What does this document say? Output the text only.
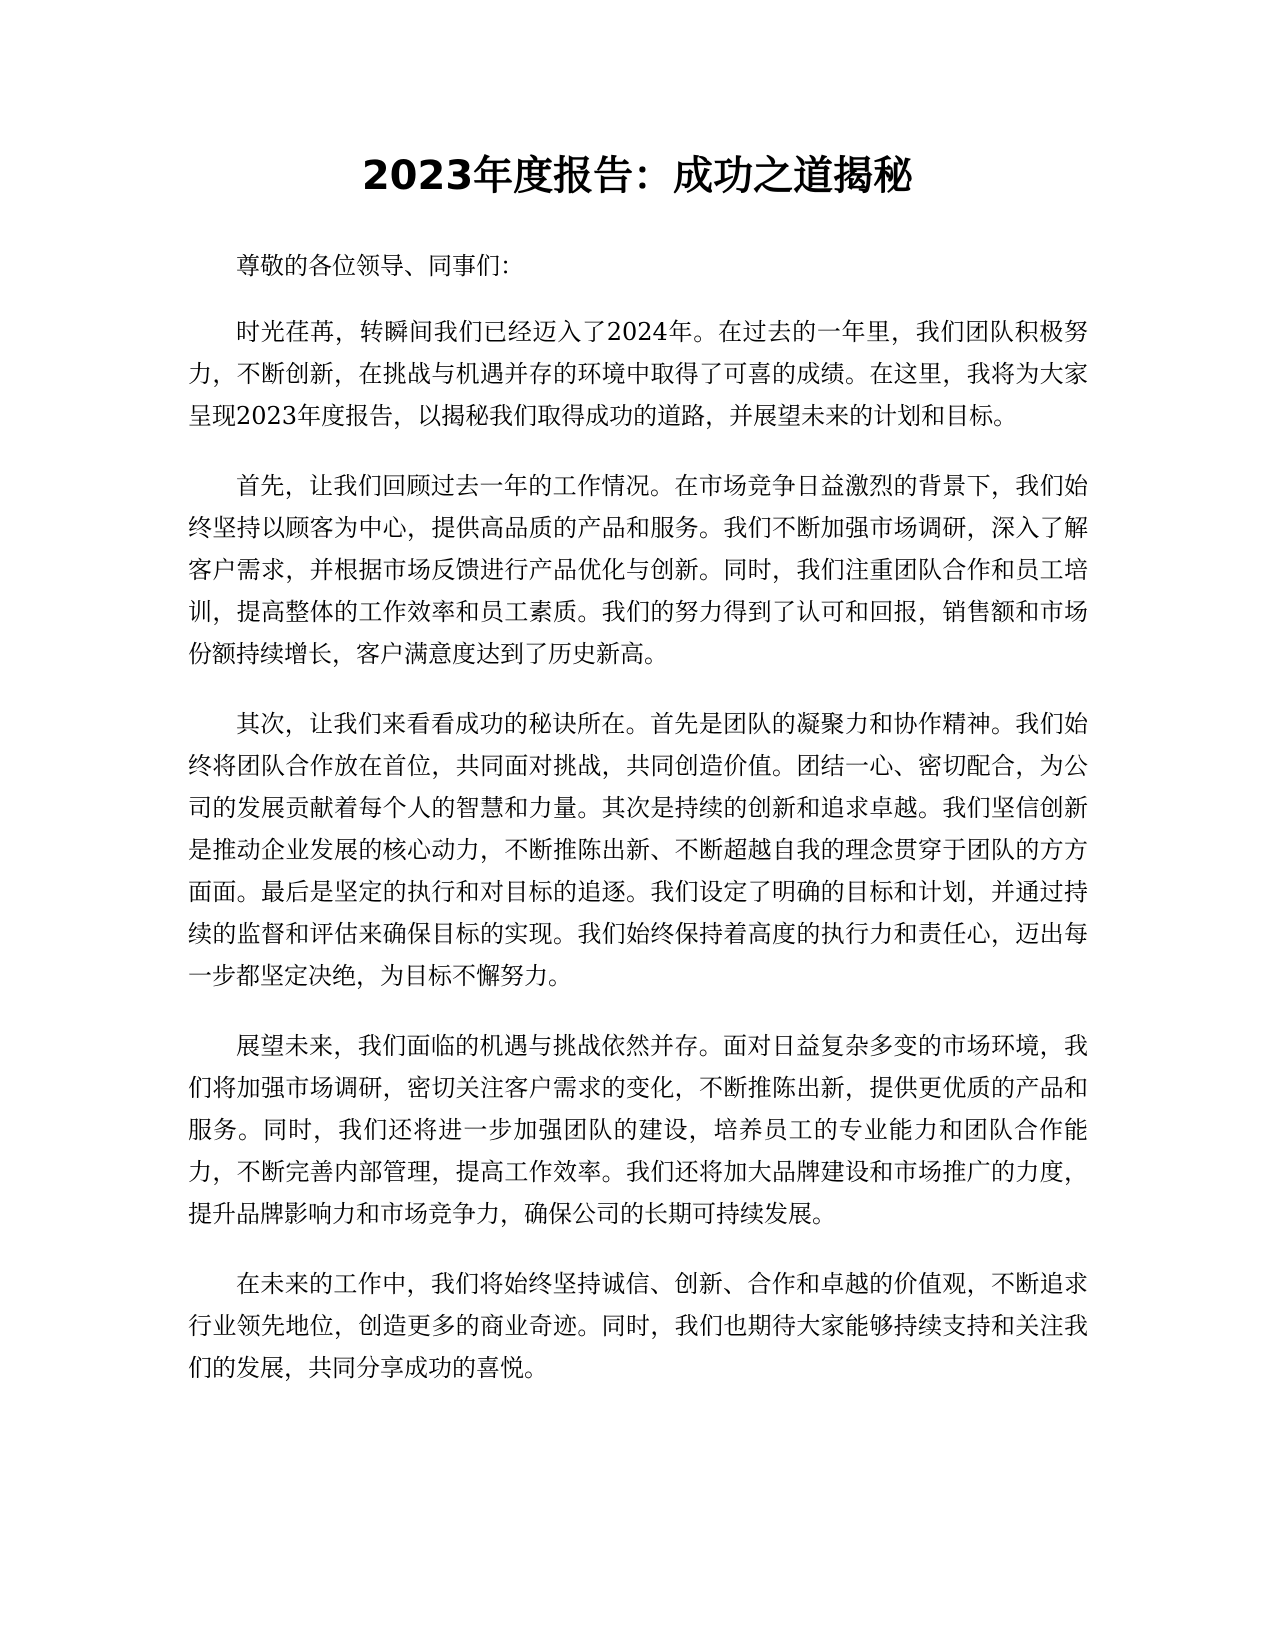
2023年度报告：成功之道揭秘

尊敬的各位领导、同事们：

时光荏苒，转瞬间我们已经迈入了2024年。在过去的一年里，我们团队积极努力，不断创新，在挑战与机遇并存的环境中取得了可喜的成绩。在这里，我将为大家呈现2023年度报告，以揭秘我们取得成功的道路，并展望未来的计划和目标。

首先，让我们回顾过去一年的工作情况。在市场竞争日益激烈的背景下，我们始终坚持以顾客为中心，提供高品质的产品和服务。我们不断加强市场调研，深入了解客户需求，并根据市场反馈进行产品优化与创新。同时，我们注重团队合作和员工培训，提高整体的工作效率和员工素质。我们的努力得到了认可和回报，销售额和市场份额持续增长，客户满意度达到了历史新高。

其次，让我们来看看成功的秘诀所在。首先是团队的凝聚力和协作精神。我们始终将团队合作放在首位，共同面对挑战，共同创造价值。团结一心、密切配合，为公司的发展贡献着每个人的智慧和力量。其次是持续的创新和追求卓越。我们坚信创新是推动企业发展的核心动力，不断推陈出新、不断超越自我的理念贯穿于团队的方方面面。最后是坚定的执行和对目标的追逐。我们设定了明确的目标和计划，并通过持续的监督和评估来确保目标的实现。我们始终保持着高度的执行力和责任心，迈出每一步都坚定决绝，为目标不懈努力。

展望未来，我们面临的机遇与挑战依然并存。面对日益复杂多变的市场环境，我们将加强市场调研，密切关注客户需求的变化，不断推陈出新，提供更优质的产品和服务。同时，我们还将进一步加强团队的建设，培养员工的专业能力和团队合作能力，不断完善内部管理，提高工作效率。我们还将加大品牌建设和市场推广的力度，提升品牌影响力和市场竞争力，确保公司的长期可持续发展。

在未来的工作中，我们将始终坚持诚信、创新、合作和卓越的价值观，不断追求行业领先地位，创造更多的商业奇迹。同时，我们也期待大家能够持续支持和关注我们的发展，共同分享成功的喜悦。
